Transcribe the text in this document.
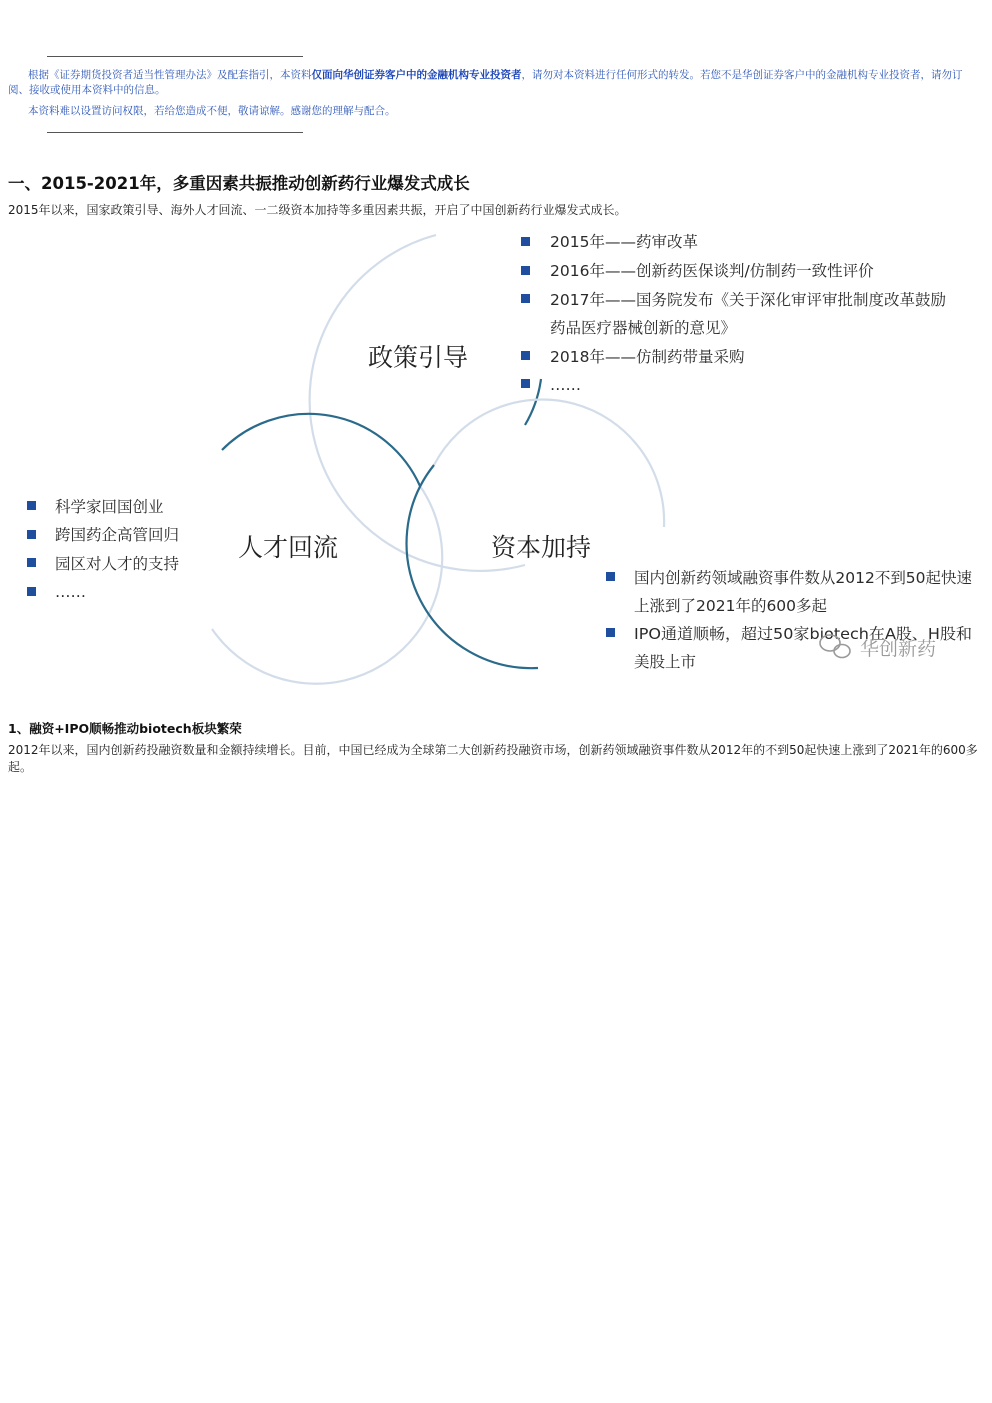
根据《证券期货投资者适当性管理办法》及配套指引，本资料仅面向华创证券客户中的金融机构专业投资者，请勿对本资料进行任何形式的转发。若您不是华创证券客户中的金融机构专业投资者，请勿订阅、接收或使用本资料中的信息。

本资料难以设置访问权限，若给您造成不便，敬请谅解。感谢您的理解与配合。

一、2015-2021年，多重因素共振推动创新药行业爆发式成长

2015年以来，国家政策引导、海外人才回流、一二级资本加持等多重因素共振，开启了中国创新药行业爆发式成长。

政策引导
人才回流	资本加持
2015年——药审改革
2016年——创新药医保谈判/仿制药一致性评价
2017年——国务院发布《关于深化审评审批制度改革鼓励
药品医疗器械创新的意见》
2018年——仿制药带量采购
……
科学家回国创业
跨国药企高管回归
园区对人才的支持
……
国内创新药领域融资事件数从2012不到50起快速
上涨到了2021年的600多起
IPO通道顺畅，超过50家biotech在A股、H股和
美股上市
华创新药
1、融资+IPO顺畅推动biotech板块繁荣

2012年以来，国内创新药投融资数量和金额持续增长。目前，中国已经成为全球第二大创新药投融资市场，创新药领域融资事件数从2012年的不到50起快速上涨到了2021年的600多起。
